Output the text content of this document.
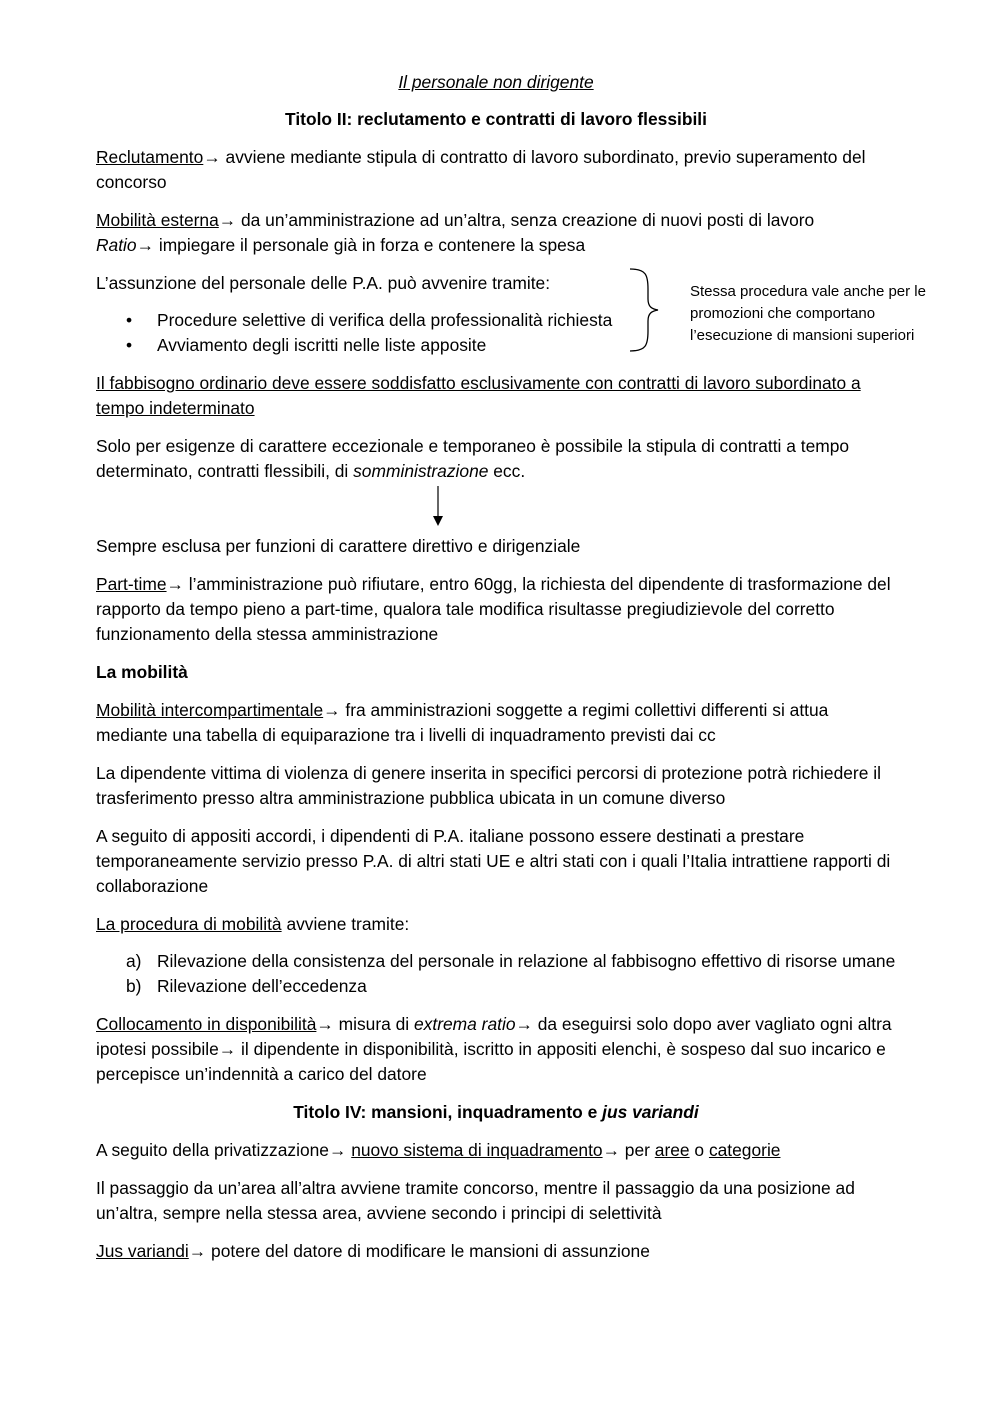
Il personale non dirigente

Titolo II: reclutamento e contratti di lavoro flessibili

Reclutamento→ avviene mediante stipula di contratto di lavoro subordinato, previo superamento del concorso

Mobilità esterna→ da un’amministrazione ad un’altra, senza creazione di nuovi posti di lavoro
Ratio→ impiegare il personale già in forza e contenere la spesa

L’assunzione del personale delle P.A. può avvenire tramite:

• Procedure selettive di verifica della professionalità richiesta
• Avviamento degli iscritti nelle liste apposite
Stessa procedura vale anche per le promozioni che comportano l’esecuzione di mansioni superiori

Il fabbisogno ordinario deve essere soddisfatto esclusivamente con contratti di lavoro subordinato a tempo indeterminato

Solo per esigenze di carattere eccezionale e temporaneo è possibile la stipula di contratti a tempo determinato, contratti flessibili, di somministrazione ecc.

Sempre esclusa per funzioni di carattere direttivo e dirigenziale

Part-time→ l’amministrazione può rifiutare, entro 60gg, la richiesta del dipendente di trasformazione del rapporto da tempo pieno a part-time, qualora tale modifica risultasse pregiudizievole del corretto funzionamento della stessa amministrazione

La mobilità

Mobilità intercompartimentale→ fra amministrazioni soggette a regimi collettivi differenti si attua mediante una tabella di equiparazione tra i livelli di inquadramento previsti dai cc

La dipendente vittima di violenza di genere inserita in specifici percorsi di protezione potrà richiedere il trasferimento presso altra amministrazione pubblica ubicata in un comune diverso

A seguito di appositi accordi, i dipendenti di P.A. italiane possono essere destinati a prestare temporaneamente servizio presso P.A. di altri stati UE e altri stati con i quali l’Italia intrattiene rapporti di collaborazione

La procedura di mobilità avviene tramite:

a) Rilevazione della consistenza del personale in relazione al fabbisogno effettivo di risorse umane
b) Rilevazione dell’eccedenza

Collocamento in disponibilità→ misura di extrema ratio→ da eseguirsi solo dopo aver vagliato ogni altra ipotesi possibile→ il dipendente in disponibilità, iscritto in appositi elenchi, è sospeso dal suo incarico e percepisce un’indennità a carico del datore

Titolo IV: mansioni, inquadramento e jus variandi

A seguito della privatizzazione→ nuovo sistema di inquadramento→ per aree o categorie

Il passaggio da un’area all’altra avviene tramite concorso, mentre il passaggio da una posizione ad un’altra, sempre nella stessa area, avviene secondo i principi di selettività

Jus variandi→ potere del datore di modificare le mansioni di assunzione
